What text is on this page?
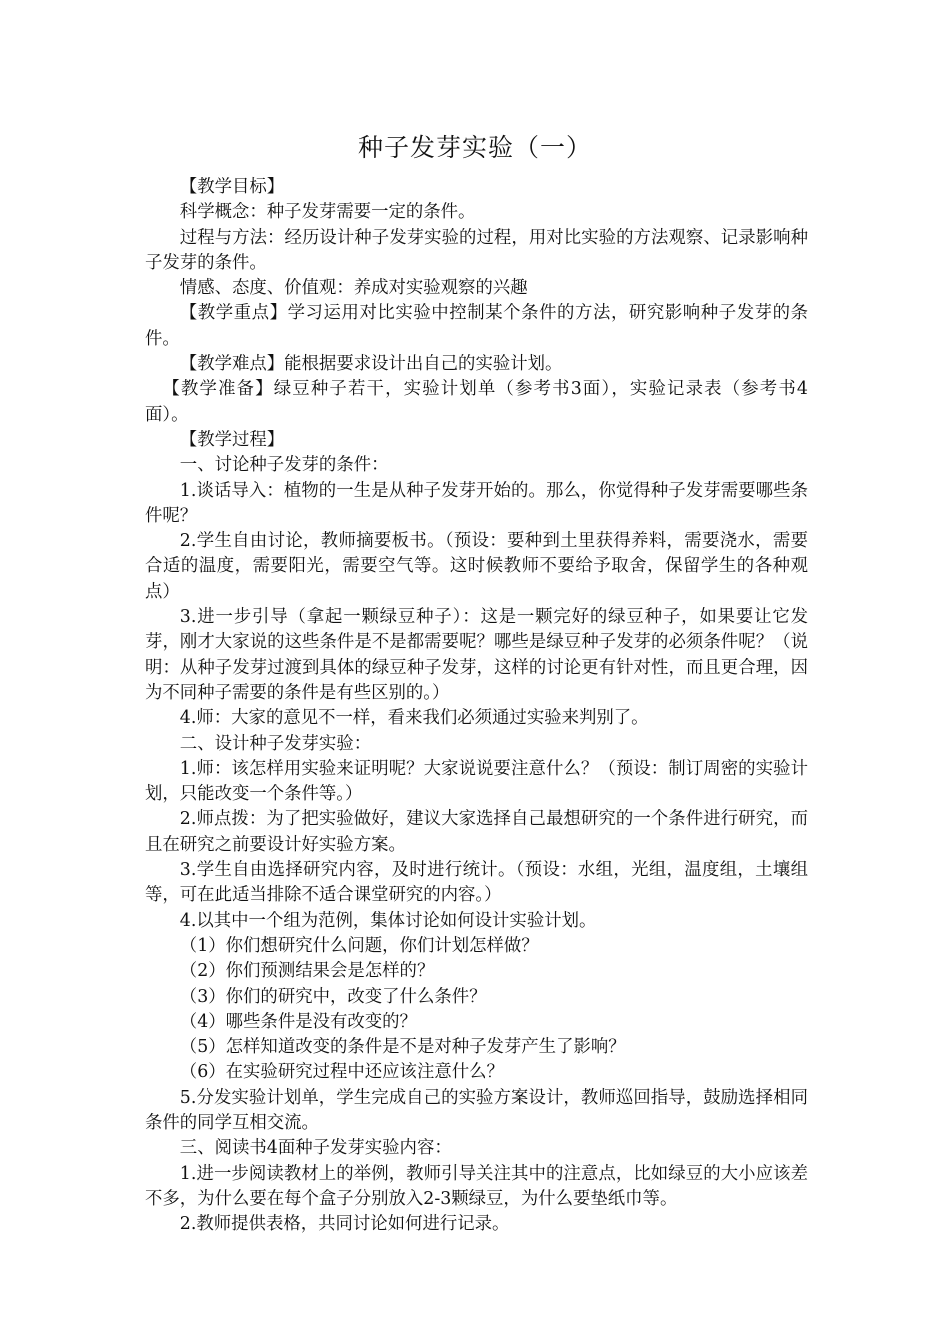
种子发芽实验（一）

【教学目标】

科学概念：种子发芽需要一定的条件。

过程与方法：经历设计种子发芽实验的过程，用对比实验的方法观察、记录影响种子发芽的条件。

情感、态度、价值观：养成对实验观察的兴趣

【教学重点】学习运用对比实验中控制某个条件的方法，研究影响种子发芽的条件。

【教学难点】能根据要求设计出自己的实验计划。

【教学准备】绿豆种子若干，实验计划单（参考书3面），实验记录表（参考书4面）。

【教学过程】

一、讨论种子发芽的条件：

1.谈话导入：植物的一生是从种子发芽开始的。那么，你觉得种子发芽需要哪些条件呢？

2.学生自由讨论，教师摘要板书。（预设：要种到土里获得养料，需要浇水，需要合适的温度，需要阳光，需要空气等。这时候教师不要给予取舍，保留学生的各种观点）

3.进一步引导（拿起一颗绿豆种子）：这是一颗完好的绿豆种子，如果要让它发芽，刚才大家说的这些条件是不是都需要呢？哪些是绿豆种子发芽的必须条件呢？（说明：从种子发芽过渡到具体的绿豆种子发芽，这样的讨论更有针对性，而且更合理，因为不同种子需要的条件是有些区别的。）

4.师：大家的意见不一样，看来我们必须通过实验来判别了。

二、设计种子发芽实验：

1.师：该怎样用实验来证明呢？大家说说要注意什么？（预设：制订周密的实验计划，只能改变一个条件等。）

2.师点拨：为了把实验做好，建议大家选择自己最想研究的一个条件进行研究，而且在研究之前要设计好实验方案。

3.学生自由选择研究内容，及时进行统计。（预设：水组，光组，温度组，土壤组等，可在此适当排除不适合课堂研究的内容。）

4.以其中一个组为范例，集体讨论如何设计实验计划。

（1）你们想研究什么问题，你们计划怎样做？

（2）你们预测结果会是怎样的？

（3）你们的研究中，改变了什么条件？

（4）哪些条件是没有改变的？

（5）怎样知道改变的条件是不是对种子发芽产生了影响？

（6）在实验研究过程中还应该注意什么？

5.分发实验计划单，学生完成自己的实验方案设计，教师巡回指导，鼓励选择相同条件的同学互相交流。

三、阅读书4面种子发芽实验内容：

1.进一步阅读教材上的举例，教师引导关注其中的注意点，比如绿豆的大小应该差不多，为什么要在每个盒子分别放入2-3颗绿豆，为什么要垫纸巾等。

2.教师提供表格，共同讨论如何进行记录。
